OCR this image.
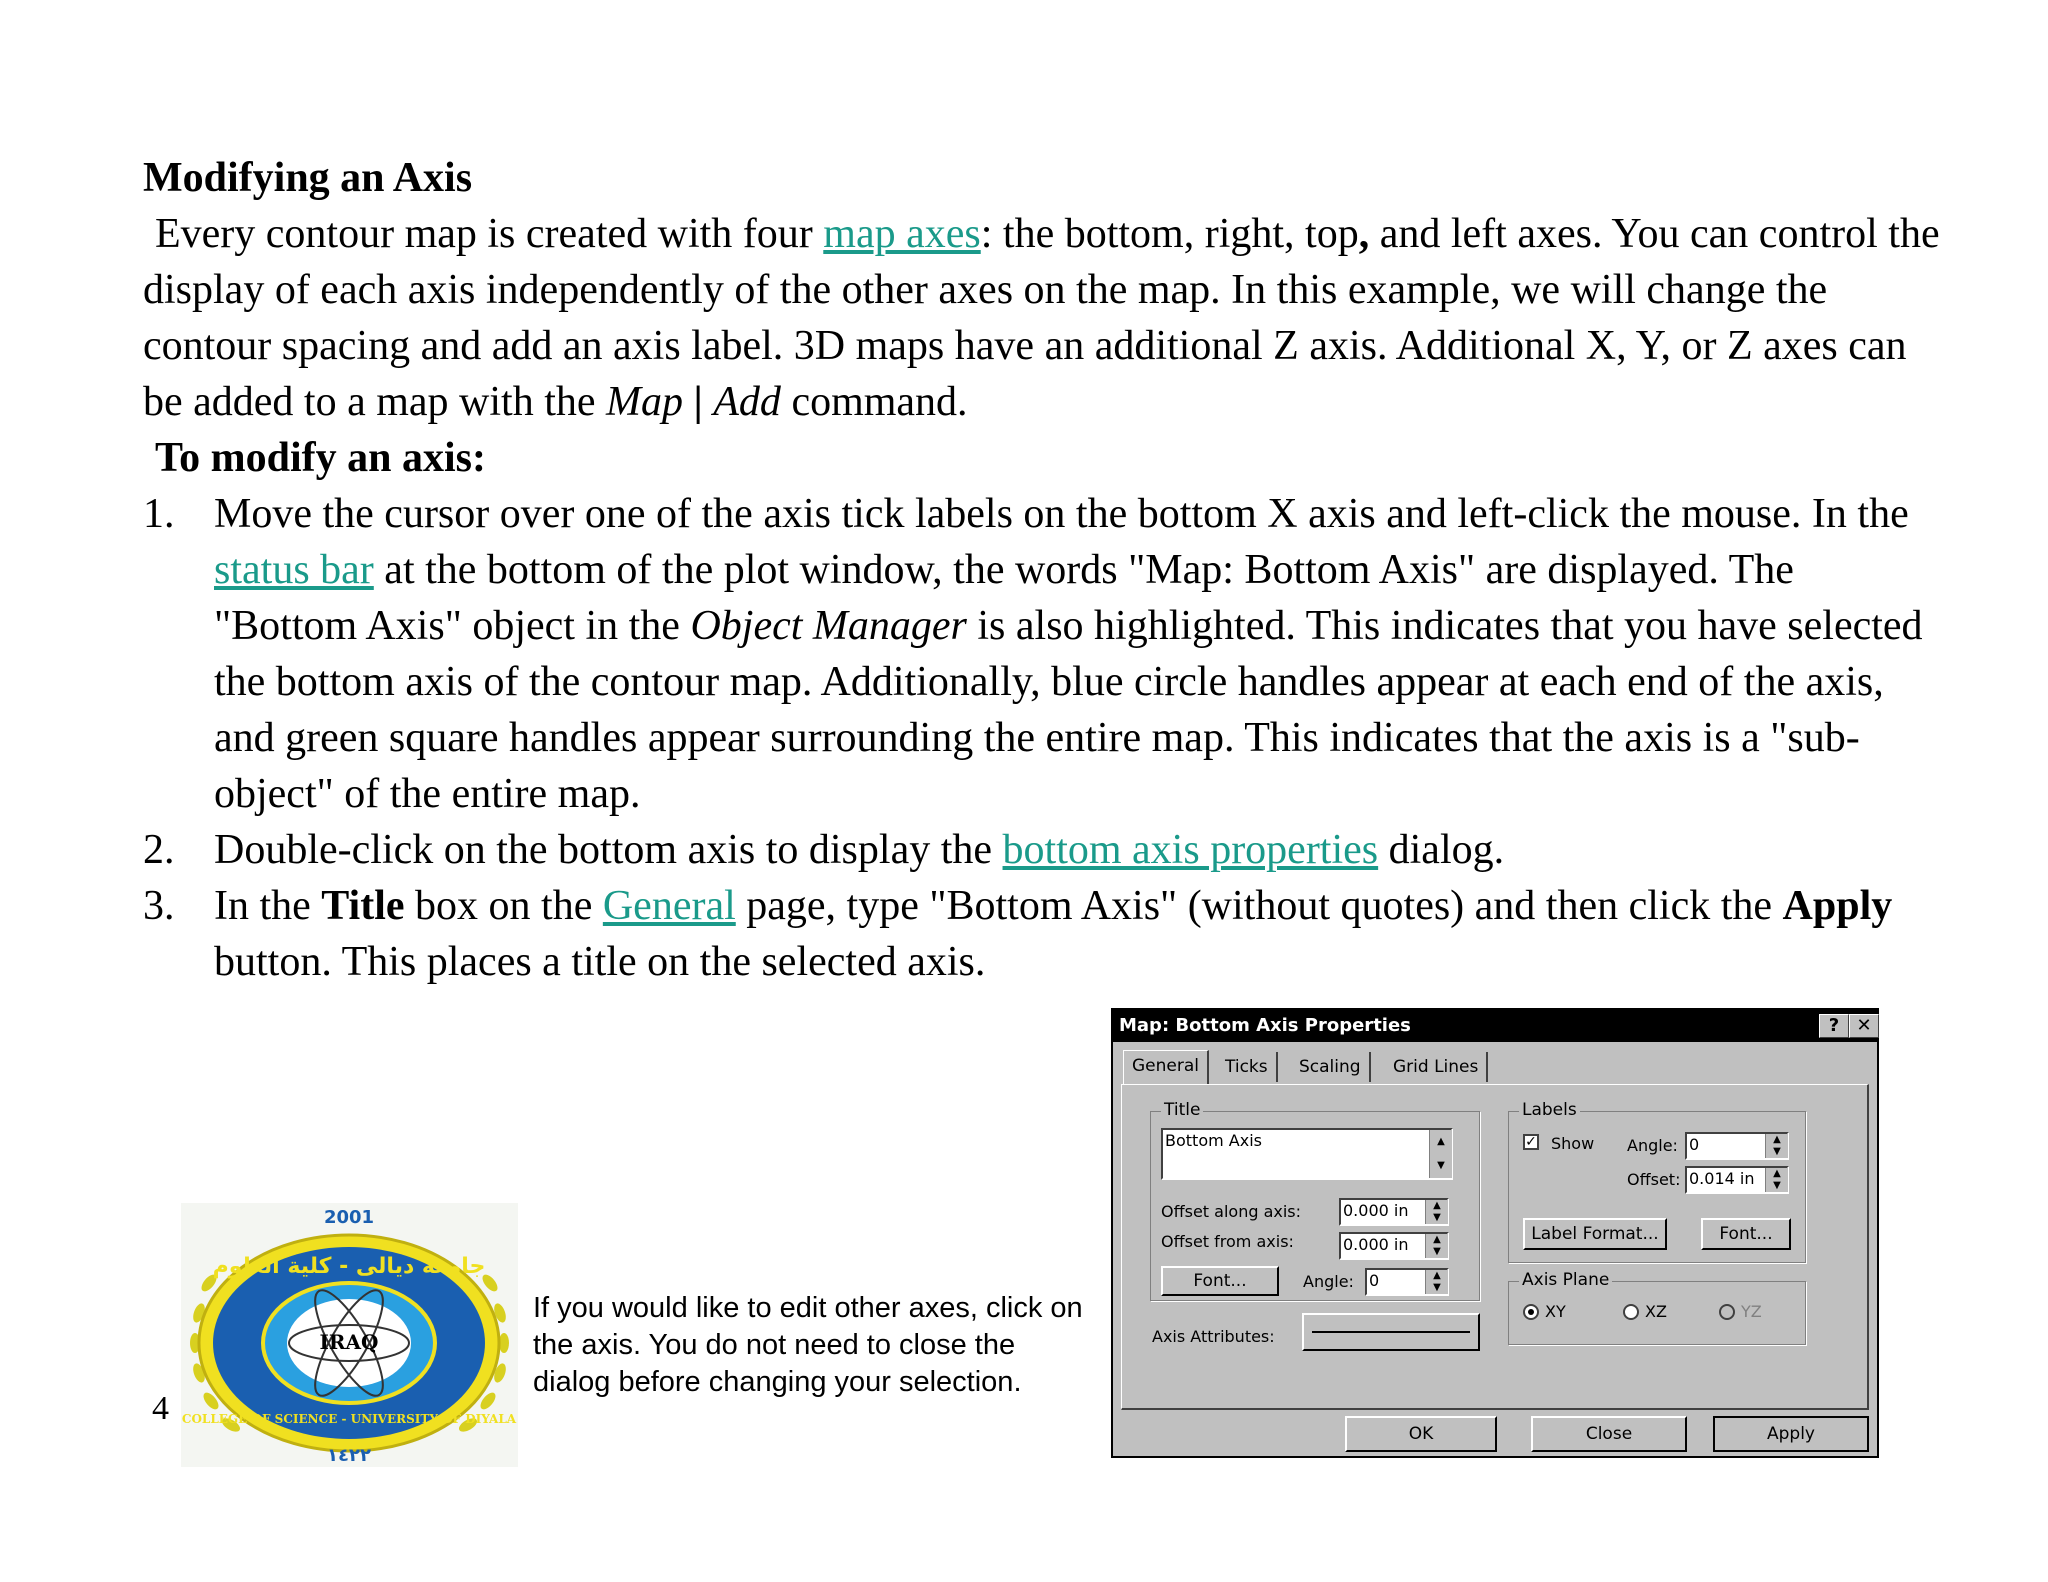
Modifying an Axis

Every contour map is created with four map axes: the bottom, right, top, and left axes. You can control the display of each axis independently of the other axes on the map. In this example, we will change the contour spacing and add an axis label. 3D maps have an additional Z axis. Additional X, Y, or Z axes can be added to a map with the Map | Add command.

To modify an axis:
1. Move the cursor over one of the axis tick labels on the bottom X axis and left-click the mouse. In the status bar at the bottom of the plot window, the words "Map: Bottom Axis" are displayed. The "Bottom Axis" object in the Object Manager is also highlighted. This indicates that you have selected the bottom axis of the contour map. Additionally, blue circle handles appear at each end of the axis, and green square handles appear surrounding the entire map. This indicates that the axis is a "sub-object" of the entire map.
2. Double-click on the bottom axis to display the bottom axis properties dialog.
3. In the Title box on the General page, type "Bottom Axis" (without quotes) and then click the Apply button. This places a title on the selected axis.
IRAQ
2001
جامعة ديالى - كلية العلوم
COLLEGE OF SCIENCE - UNIVERSITY OF DIYALA
١٤٢٢
4
If you would like to edit other axes, click on the axis. You do not need to close the dialog before changing your selection.
Map: Bottom Axis Properties	? ✕
General	Ticks	Scaling	Grid Lines
Title
Bottom Axis	▲
▼
Offset along axis:	0.000 in	▲
▼
Offset from axis:	0.000 in	▲
▼
Font...	Angle: 0	▲
▼
Axis Attributes:
Labels
✓ Show Angle: 0	▲
▼
Offset: 0.014 in	▲
▼
Label Format...	Font...
Axis Plane
XY	XZ	YZ
OK	Close	Apply
